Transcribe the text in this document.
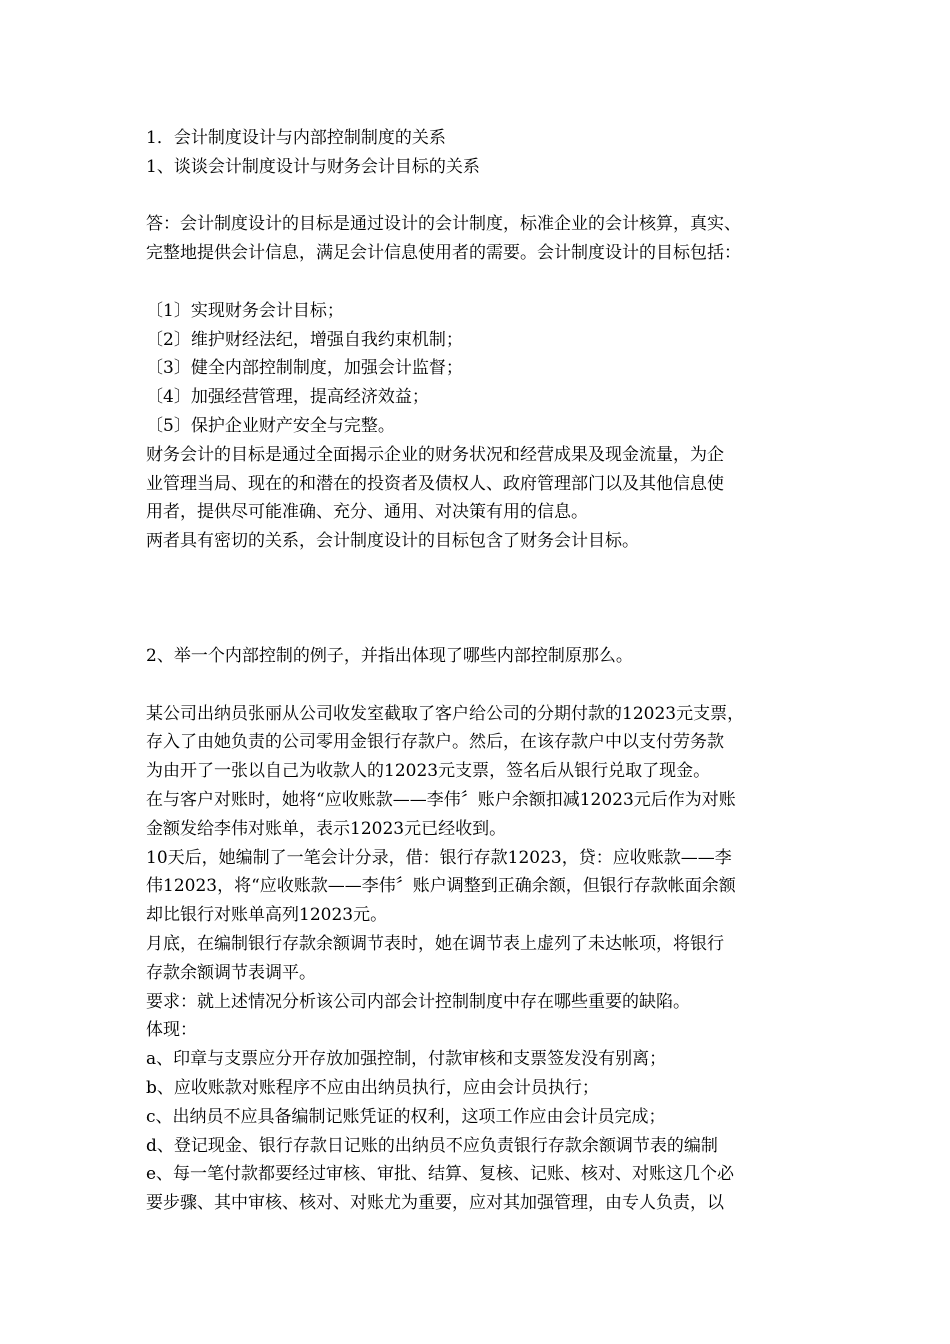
1．会计制度设计与内部控制制度的关系
1、谈谈会计制度设计与财务会计目标的关系
答：会计制度设计的目标是通过设计的会计制度，标准企业的会计核算，真实、
完整地提供会计信息，满足会计信息使用者的需要。会计制度设计的目标包括：
〔1〕实现财务会计目标；
〔2〕维护财经法纪，增强自我约束机制；
〔3〕健全内部控制制度，加强会计监督；
〔4〕加强经营管理，提高经济效益；
〔5〕保护企业财产安全与完整。
财务会计的目标是通过全面揭示企业的财务状况和经营成果及现金流量，为企
业管理当局、现在的和潜在的投资者及债权人、政府管理部门以及其他信息使
用者，提供尽可能准确、充分、通用、对决策有用的信息。
两者具有密切的关系，会计制度设计的目标包含了财务会计目标。
2、举一个内部控制的例子，并指出体现了哪些内部控制原那么。
某公司出纳员张丽从公司收发室截取了客户给公司的分期付款的12023元支票，
存入了由她负责的公司零用金银行存款户。然后，在该存款户中以支付劳务款
为由开了一张以自己为收款人的12023元支票，签名后从银行兑取了现金。
在与客户对账时，她将“应收账款——李伟〞账户余额扣减12023元后作为对账
金额发给李伟对账单，表示12023元已经收到。
10天后，她编制了一笔会计分录，借：银行存款12023，贷：应收账款——李
伟12023，将“应收账款——李伟〞账户调整到正确余额，但银行存款帐面余额
却比银行对账单高列12023元。
月底，在编制银行存款余额调节表时，她在调节表上虚列了未达帐项，将银行
存款余额调节表调平。
要求：就上述情况分析该公司内部会计控制制度中存在哪些重要的缺陷。
体现：
a、印章与支票应分开存放加强控制，付款审核和支票签发没有别离；
b、应收账款对账程序不应由出纳员执行，应由会计员执行；
c、出纳员不应具备编制记账凭证的权利，这项工作应由会计员完成；
d、登记现金、银行存款日记账的出纳员不应负责银行存款余额调节表的编制
e、每一笔付款都要经过审核、审批、结算、复核、记账、核对、对账这几个必
要步骤、其中审核、核对、对账尤为重要，应对其加强管理，由专人负责，以
